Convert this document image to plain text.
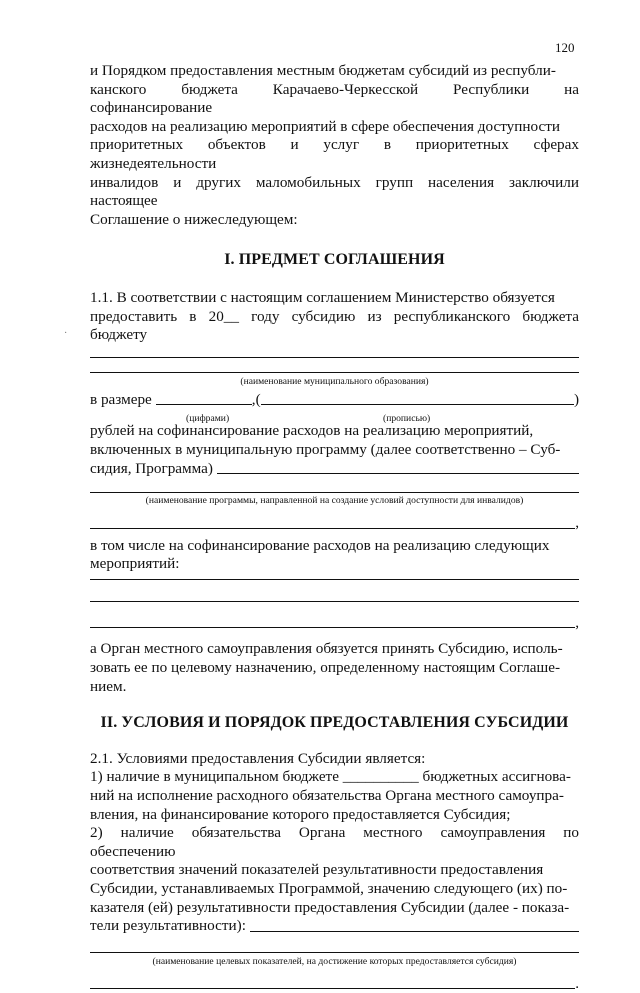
120
·

и Порядком предоставления местным бюджетам субсидий из республи-

канского бюджета Карачаево-Черкесской Республики на софинансирование

расходов на реализацию мероприятий в сфере обеспечения доступности

приоритетных объектов и услуг в приоритетных сферах жизнедеятельности

инвалидов и других маломобильных групп населения заключили настоящее

Соглашение о нижеследующем:

I. ПРЕДМЕТ СОГЛАШЕНИЯ

1.1. В соответствии с настоящим соглашением Министерство обязуется

предоставить в 20__ году субсидию из республиканского бюджета бюджету

(наименование муниципального образования)

в размере	,(	)
(цифрами)	(прописью)

рублей на софинансирование расходов на реализацию мероприятий,

включенных в муниципальную программу (далее соответственно – Суб-

сидия, Программа)

(наименование программы, направленной на создание условий доступности для инвалидов)

,

в том числе на софинансирование расходов на реализацию следующих

мероприятий:

,

а Орган местного самоуправления обязуется принять Субсидию, исполь-

зовать ее по целевому назначению, определенному настоящим Соглаше-

нием.

II. УСЛОВИЯ И ПОРЯДОК ПРЕДОСТАВЛЕНИЯ СУБСИДИИ

2.1. Условиями предоставления Субсидии является:

1) наличие в муниципальном бюджете __________ бюджетных ассигнова-

ний на исполнение расходного обязательства Органа местного самоупра-

вления, на финансирование которого предоставляется Субсидия;

2) наличие обязательства Органа местного самоуправления по обеспечению

соответствия значений показателей результативности предоставления

Субсидии, устанавливаемых Программой, значению следующего (их) по-

казателя (ей) результативности предоставления Субсидии (далее - показа-

тели результативности):

(наименование целевых показателей, на достижение которых предоставляется субсидия)

.
